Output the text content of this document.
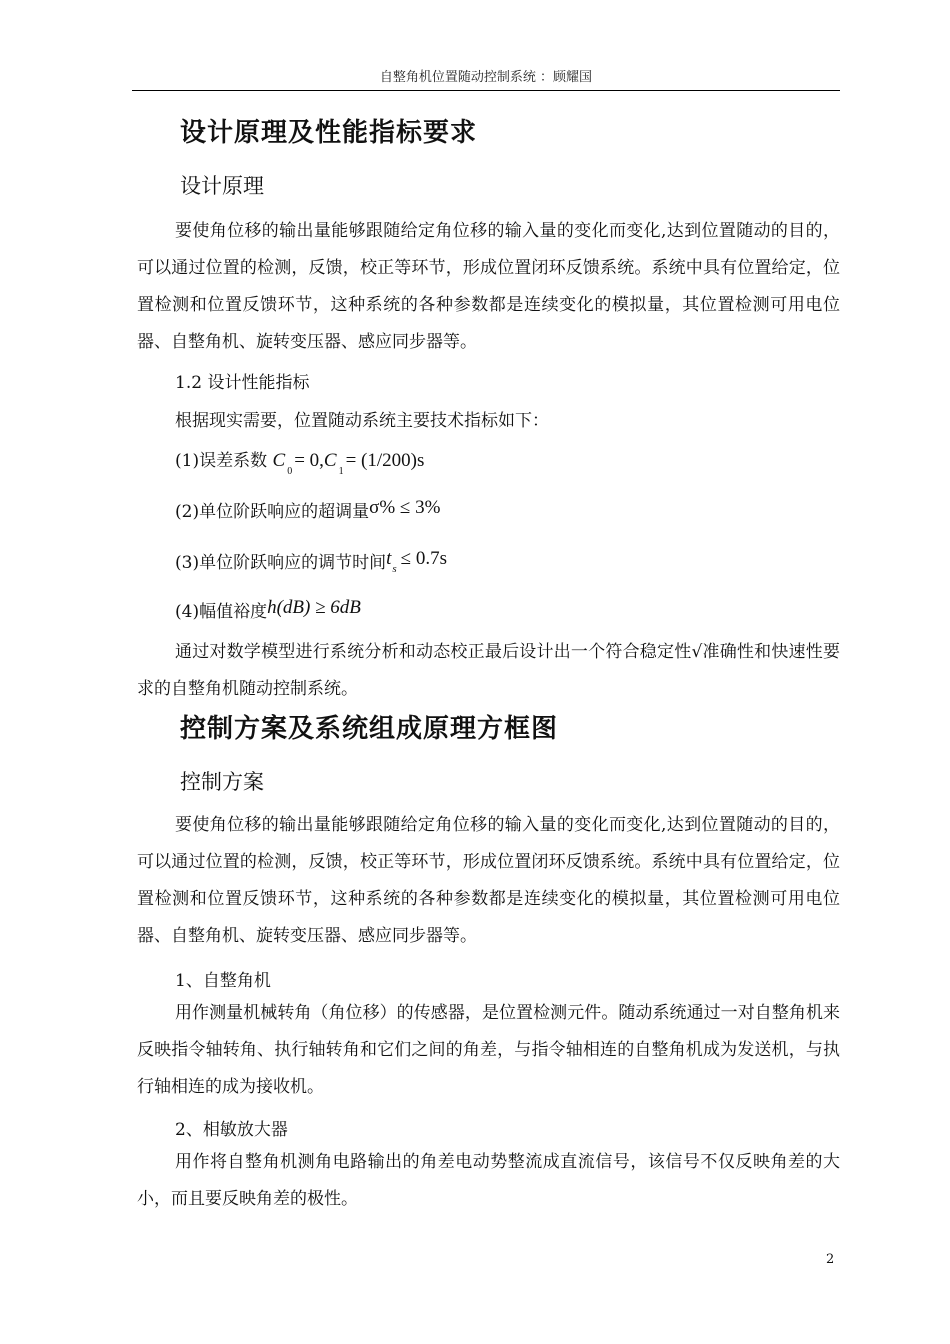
自整角机位置随动控制系统 ：顾耀国
设计原理及性能指标要求
设计原理

要使角位移的输出量能够跟随给定角位移的输入量的变化而变化,达到位置随动的目的，可以通过位置的检测，反馈，校正等环节，形成位置闭环反馈系统。系统中具有位置给定，位置检测和位置反馈环节，这种系统的各种参数都是连续变化的模拟量，其位置检测可用电位器、自整角机、旋转变压器、感应同步器等。

1.2 设计性能指标
根据现实需要，位置随动系统主要技术指标如下：
(1)误差系数 $C_0= 0,C_1= (1/200)s$
(2)单位阶跃响应的超调量σ% ≤ 3%
(3)单位阶跃响应的调节时间$t_s \le 0.7s$
(4)幅值裕度h(dB) ≥ 6dB

通过对数学模型进行系统分析和动态校正最后设计出一个符合稳定性√准确性和快速性要求的自整角机随动控制系统。

控制方案及系统组成原理方框图
控制方案

要使角位移的输出量能够跟随给定角位移的输入量的变化而变化,达到位置随动的目的，可以通过位置的检测，反馈，校正等环节，形成位置闭环反馈系统。系统中具有位置给定，位置检测和位置反馈环节，这种系统的各种参数都是连续变化的模拟量，其位置检测可用电位器、自整角机、旋转变压器、感应同步器等。

1、自整角机

用作测量机械转角（角位移）的传感器，是位置检测元件。随动系统通过一对自整角机来反映指令轴转角、执行轴转角和它们之间的角差，与指令轴相连的自整角机成为发送机，与执行轴相连的成为接收机。

2、相敏放大器

用作将自整角机测角电路输出的角差电动势整流成直流信号，该信号不仅反映角差的大小，而且要反映角差的极性。

2
